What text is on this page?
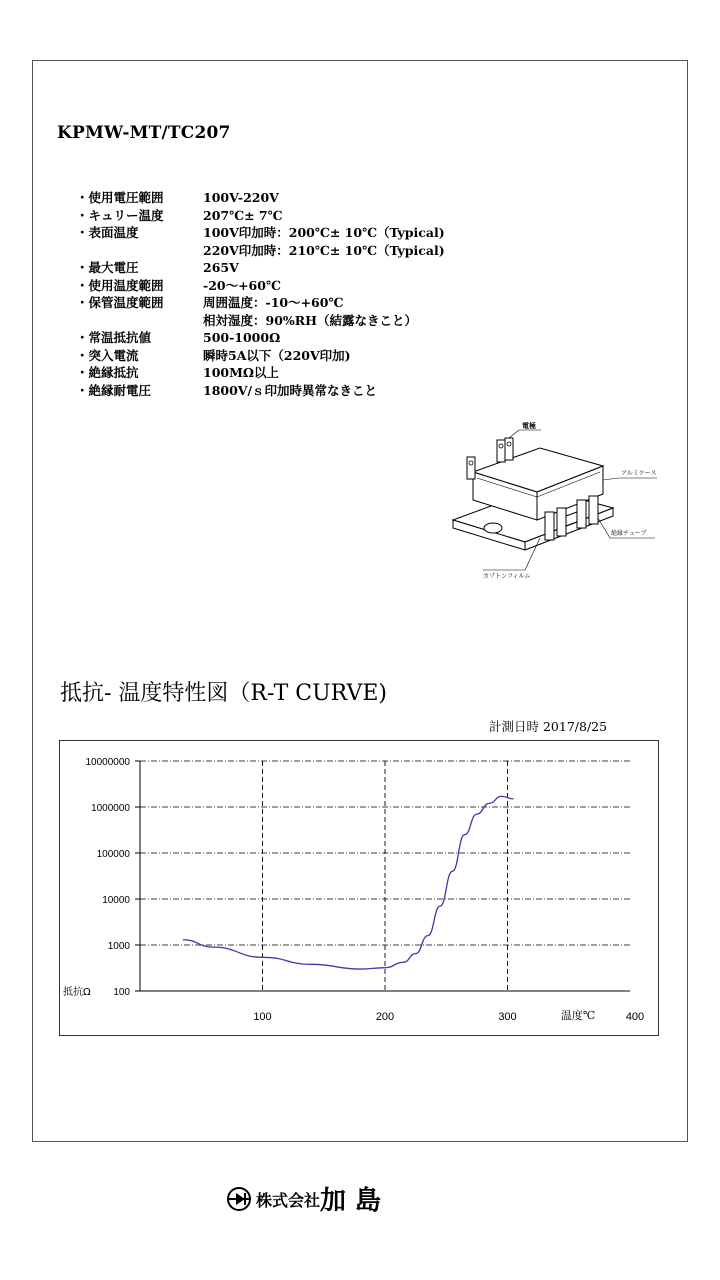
KPMW-MT/TC207
・使用電圧範囲	100V-220V
・キュリー温度	207℃± 7℃
・表面温度	100V印加時：200℃± 10℃（Typical)
220V印加時：210℃± 10℃（Typical)
・最大電圧	265V
・使用温度範囲	-20～+60℃
・保管温度範囲	周囲温度：-10～+60℃
相対湿度：90%RH（結露なきこと）
・常温抵抗値	500-1000Ω
・突入電流	瞬時5A以下（220V印加)
・絶縁抵抗	100MΩ以上
・絶縁耐電圧	1800V/ｓ印加時異常なきこと
電極
アルミケース
絶縁チューブ
カプトンフィルム
抵抗- 温度特性図（R-T CURVE)
計測日時 2017/8/25
100
1000
10000
100000
1000000
10000000
抵抗Ω
100	200	300	400
温度℃
株式会社 加 島
